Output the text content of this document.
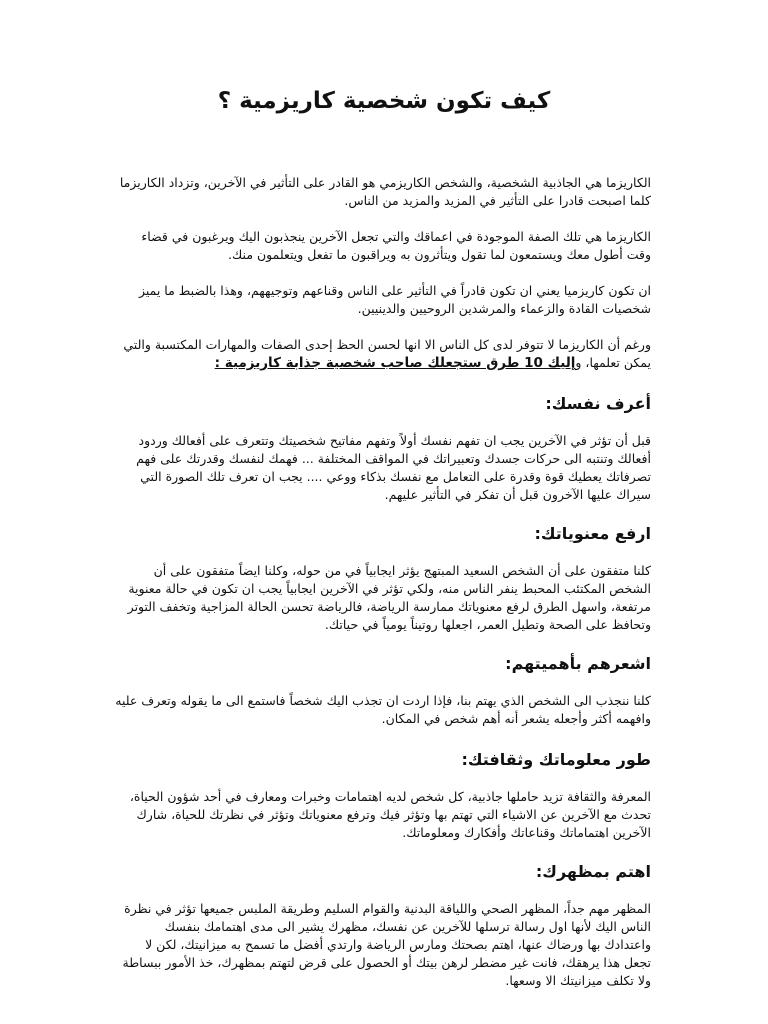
كيف تكون شخصية كاريزمية ؟

الكاريزما هي الجاذبية الشخصية، والشخص الكاريزمي هو القادر على التأثير في الآخرين، وتزداد الكاريزما كلما اصبحت قادرا على التأثير في المزيد والمزيد من الناس.

الكاريزما هي تلك الصفة الموجودة في اعماقك والتي تجعل الآخرين ينجذبون اليك ويرغبون في قضاء وقت أطول معك ويستمعون لما تقول ويتأثرون به ويراقبون ما تفعل ويتعلمون منك.

ان تكون كاريزميا يعني ان تكون قادراً في التأثير على الناس وقناعهم وتوجيههم، وهذا بالضبط ما يميز شخصيات القادة والزعماء والمرشدين الروحيين والدينيين.

ورغم أن الكاريزما لا تتوفر لدى كل الناس الا انها لحسن الحظ إحدى الصفات والمهارات المكتسبة والتي يمكن تعلمها، وإليك 10 طرق ستجعلك صاحب شخصية جذابة كاريزمية :

أعرف نفسك:

قبل أن تؤثر في الآخرين يجب ان تفهم نفسك أولاً وتفهم مفاتيح شخصيتك وتتعرف على أفعالك وردود أفعالك وتنتبه الى حركات جسدك وتعبيراتك في المواقف المختلفة ... فهمك لنفسك وقدرتك على فهم تصرفاتك يعطيك قوة وقدرة على التعامل مع نفسك بذكاء ووعي .... يجب ان تعرف تلك الصورة التي سيراك عليها الآخرون قبل أن تفكر في التأثير عليهم.

ارفع معنوياتك:

كلنا متفقون على أن الشخص السعيد المبتهج يؤثر ايجابياً في من حوله، وكلنا ايضاً متفقون على أن الشخص المكتئب المحبط ينفر الناس منه، ولكي تؤثر في الآخرين ايجابياً يجب ان تكون في حالة معنوية مرتفعة، واسهل الطرق لرفع معنوياتك ممارسة الرياضة، فالرياضة تحسن الحالة المزاجية وتخفف التوتر وتحافظ على الصحة وتطيل العمر، اجعلها روتيناً يومياً في حياتك.

اشعرهم بأهميتهم:

كلنا ننجذب الى الشخص الذي يهتم بنا، فإذا اردت ان تجذب اليك شخصاً فاستمع الى ما يقوله وتعرف عليه وافهمه أكثر وأجعله يشعر أنه أهم شخص في المكان.

طور معلوماتك وثقافتك:

المعرفة والثقافة تزيد حاملها جاذبية، كل شخص لديه اهتمامات وخبرات ومعارف في أحد شؤون الحياة، تحدث مع الآخرين عن الاشياء التي تهتم بها وتؤثر فيك وترفع معنوياتك وتؤثر في نظرتك للحياة، شارك الآخرين اهتماماتك وقناعاتك وأفكارك ومعلوماتك.

اهتم بمظهرك:

المظهر مهم جداً، المظهر الصحي واللياقة البدنية والقوام السليم وطريقة الملبس جميعها تؤثر في نظرة الناس اليك لأنها اول رسالة ترسلها للآخرين عن نفسك، مظهرك يشير الى مدى اهتمامك بنفسك واعتدادك بها ورضاك عنها، اهتم بصحتك ومارس الرياضة وارتدي أفضل ما تسمح به ميزانيتك، لكن لا تجعل هذا يرهقك، فانت غير مضطر لرهن بيتك أو الحصول على قرض لتهتم بمظهرك، خذ الأمور ببساطة ولا تكلف ميزانيتك الا وسعها.
